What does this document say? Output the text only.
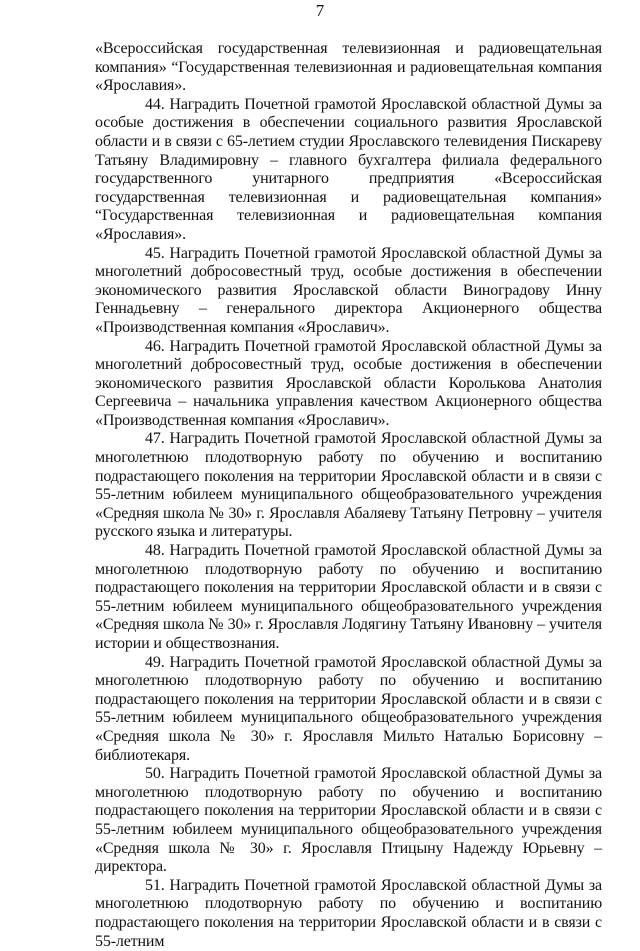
7

«Всероссийская государственная телевизионная и радиовещательная компания» “Государственная телевизионная и радиовещательная компания «Ярославия».

44. Наградить Почетной грамотой Ярославской областной Думы за особые достижения в обеспечении социального развития Ярославской области и в связи с 65-летием студии Ярославского телевидения Пискареву Татьяну Владимировну – главного бухгалтера филиала федерального государственного унитарного предприятия «Всероссийская государственная телевизионная и радиовещательная компания» “Государственная телевизионная и радиовещательная компания «Ярославия».

45. Наградить Почетной грамотой Ярославской областной Думы за многолетний добросовестный труд, особые достижения в обеспечении экономического развития Ярославской области Виноградову Инну Геннадьевну – генерального директора Акционерного общества «Производственная компания «Ярославич».

46. Наградить Почетной грамотой Ярославской областной Думы за многолетний добросовестный труд, особые достижения в обеспечении экономического развития Ярославской области Королькова Анатолия Сергеевича – начальника управления качеством Акционерного общества «Производственная компания «Ярославич».

47. Наградить Почетной грамотой Ярославской областной Думы за многолетнюю плодотворную работу по обучению и воспитанию подрастающего поколения на территории Ярославской области и в связи с 55-летним юбилеем муниципального общеобразовательного учреждения «Средняя школа № 30» г. Ярославля Абаляеву Татьяну Петровну – учителя русского языка и литературы.

48. Наградить Почетной грамотой Ярославской областной Думы за многолетнюю плодотворную работу по обучению и воспитанию подрастающего поколения на территории Ярославской области и в связи с 55-летним юбилеем муниципального общеобразовательного учреждения «Средняя школа № 30» г. Ярославля Лодягину Татьяну Ивановну – учителя истории и обществознания.

49. Наградить Почетной грамотой Ярославской областной Думы за многолетнюю плодотворную работу по обучению и воспитанию подрастающего поколения на территории Ярославской области и в связи с 55-летним юбилеем муниципального общеобразовательного учреждения «Средняя школа № 30» г. Ярославля Мильто Наталью Борисовну – библиотекаря.

50. Наградить Почетной грамотой Ярославской областной Думы за многолетнюю плодотворную работу по обучению и воспитанию подрастающего поколения на территории Ярославской области и в связи с 55-летним юбилеем муниципального общеобразовательного учреждения «Средняя школа № 30» г. Ярославля Птицыну Надежду Юрьевну – директора.

51. Наградить Почетной грамотой Ярославской областной Думы за многолетнюю плодотворную работу по обучению и воспитанию подрастающего поколения на территории Ярославской области и в связи с 55-летним
